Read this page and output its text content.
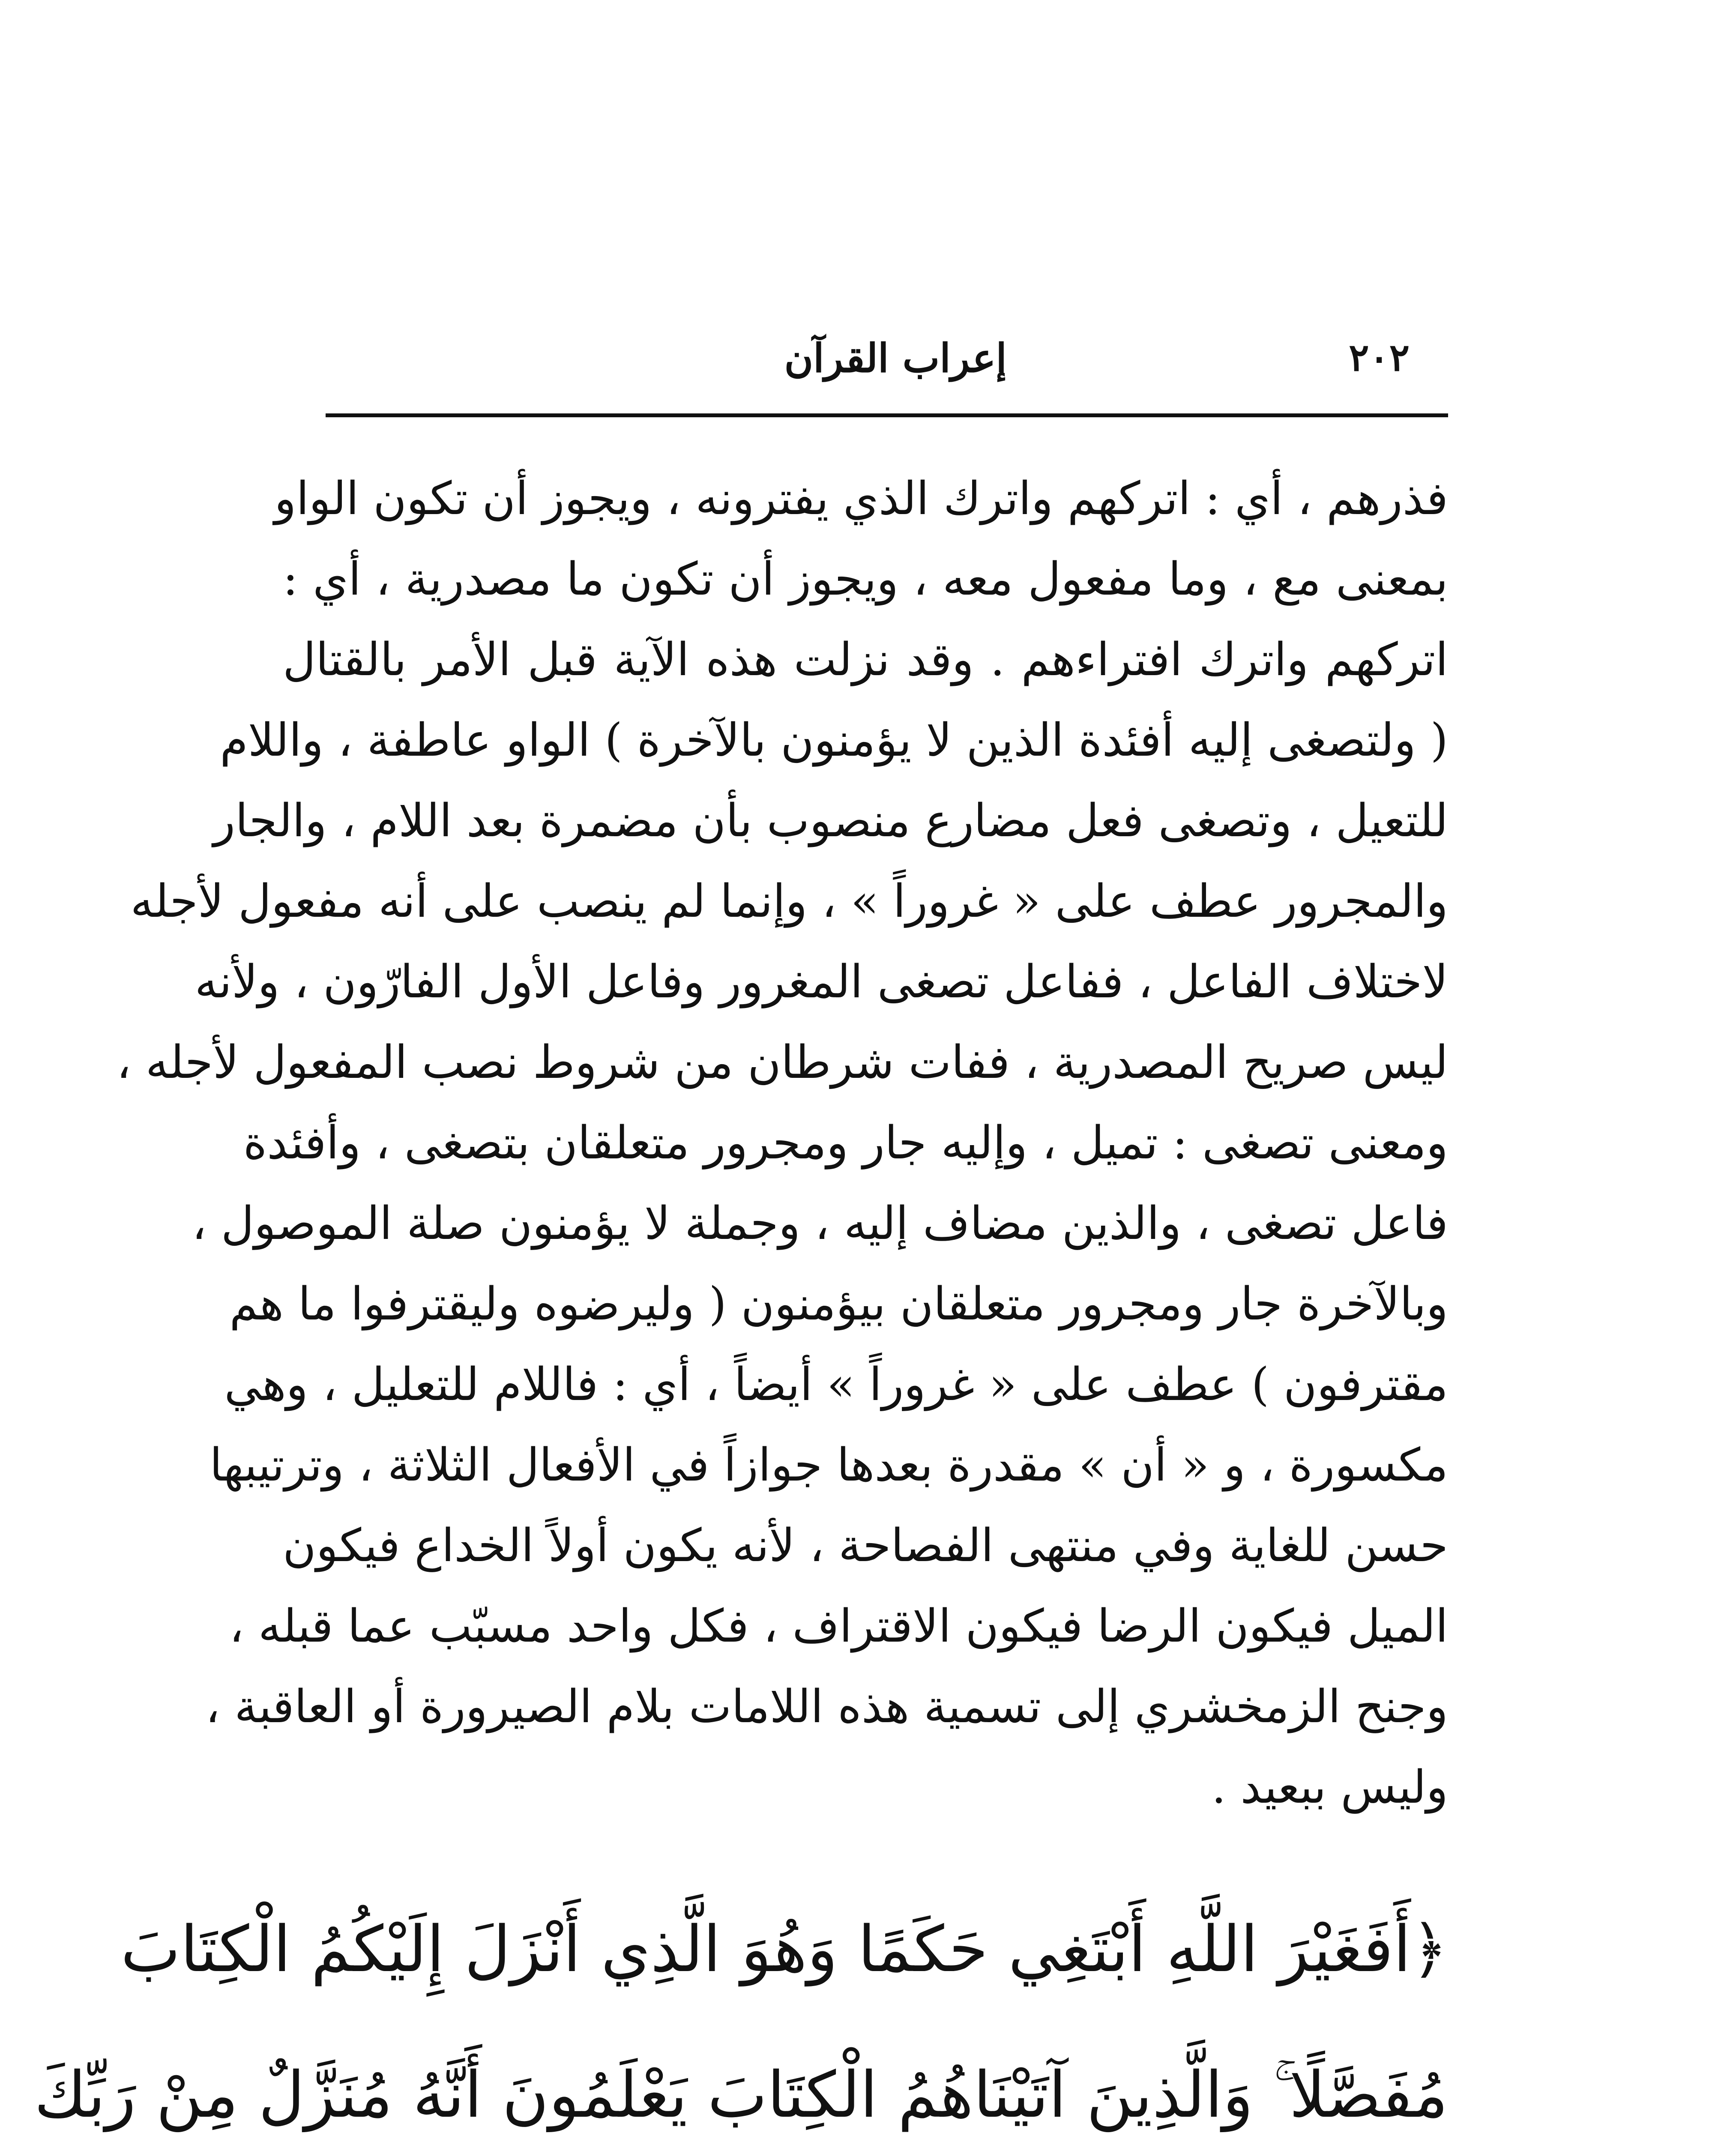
٢٠٢
إعراب القرآن
فذرهم ، أي : اتركهم واترك الذي يفترونه ، ويجوز أن تكون الواو
بمعنى مع ، وما مفعول معه ، ويجوز أن تكون ما مصدرية ، أي :
اتركهم واترك افتراءهم . وقد نزلت هذه الآية قبل الأمر بالقتال
( ولتصغى إليه أفئدة الذين لا يؤمنون بالآخرة ) الواو عاطفة ، واللام
للتعيل ، وتصغى فعل مضارع منصوب بأن مضمرة بعد اللام ، والجار
والمجرور عطف على « غروراً » ، وإنما لم ينصب على أنه مفعول لأجله
لاختلاف الفاعل ، ففاعل تصغى المغرور وفاعل الأول الفارّون ، ولأنه
ليس صريح المصدرية ، ففات شرطان من شروط نصب المفعول لأجله ،
ومعنى تصغى : تميل ، وإليه جار ومجرور متعلقان بتصغى ، وأفئدة
فاعل تصغى ، والذين مضاف إليه ، وجملة لا يؤمنون صلة الموصول ،
وبالآخرة جار ومجرور متعلقان بيؤمنون ( وليرضوه وليقترفوا ما هم
مقترفون ) عطف على « غروراً » أيضاً ، أي : فاللام للتعليل ، وهي
مكسورة ، و « أن » مقدرة بعدها جوازاً في الأفعال الثلاثة ، وترتيبها
حسن للغاية وفي منتهى الفصاحة ، لأنه يكون أولاً الخداع فيكون
الميل فيكون الرضا فيكون الاقتراف ، فكل واحد مسبّب عما قبله ،
وجنح الزمخشري إلى تسمية هذه اللامات بلام الصيرورة أو العاقبة ،
وليس ببعيد .
﴿أَفَغَيْرَ اللَّهِ أَبْتَغِي حَكَمًا وَهُوَ الَّذِي أَنْزَلَ إِلَيْكُمُ الْكِتَابَ
مُفَصَّلًا ۚ وَالَّذِينَ آتَيْنَاهُمُ الْكِتَابَ يَعْلَمُونَ أَنَّهُ مُنَزَّلٌ مِنْ رَبِّكَ
